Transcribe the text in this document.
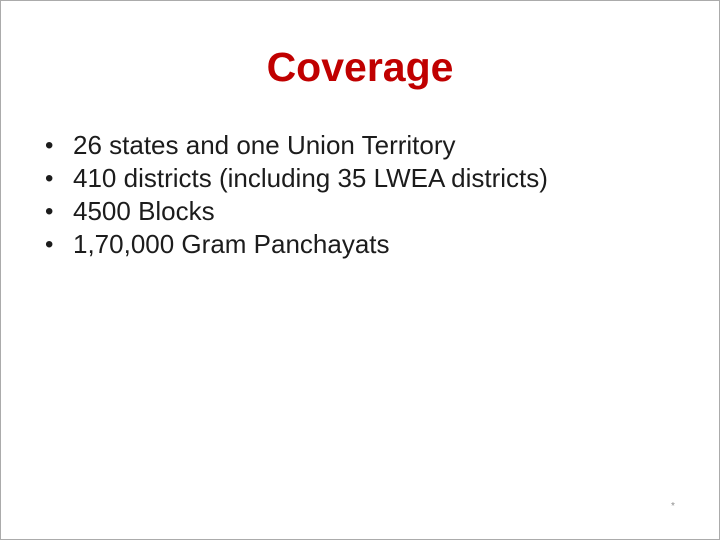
Coverage
• 26 states and one Union Territory
• 410 districts (including 35 LWEA districts)
• 4500 Blocks
• 1,70,000 Gram Panchayats
*
